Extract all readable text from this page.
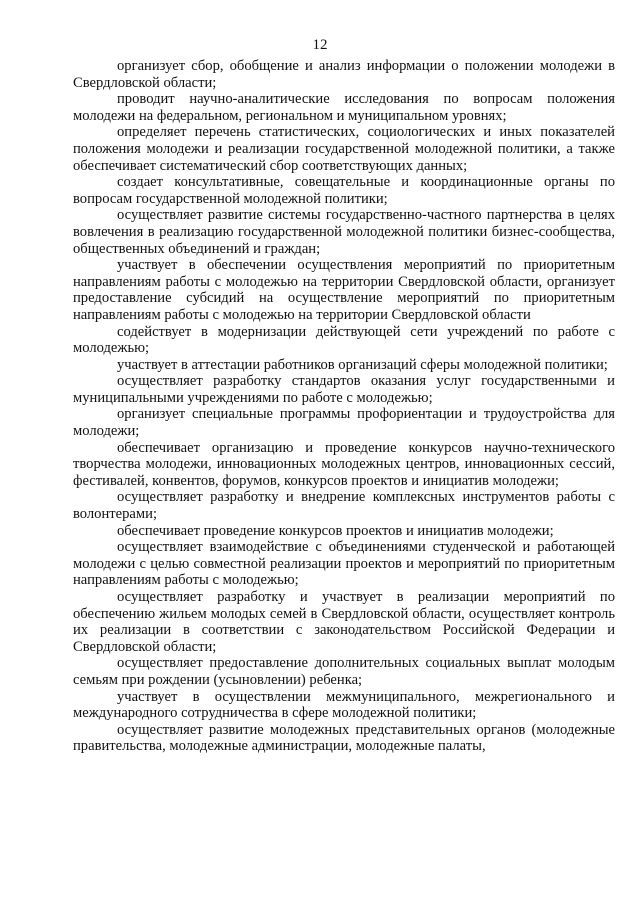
12

организует сбор, обобщение и анализ информации о положении молодежи в Свердловской области;

проводит научно-аналитические исследования по вопросам положения молодежи на федеральном, региональном и муниципальном уровнях;

определяет перечень статистических, социологических и иных показателей положения молодежи и реализации государственной молодежной политики, а также обеспечивает систематический сбор соответствующих данных;

создает консультативные, совещательные и координационные органы по вопросам государственной молодежной политики;

осуществляет развитие системы государственно-частного партнерства в целях вовлечения в реализацию государственной молодежной политики бизнес-сообщества, общественных объединений и граждан;

участвует в обеспечении осуществления мероприятий по приоритетным направлениям работы с молодежью на территории Свердловской области, организует предоставление субсидий на осуществление мероприятий по приоритетным направлениям работы с молодежью на территории Свердловской области

содействует в модернизации действующей сети учреждений по работе с молодежью;

участвует в аттестации работников организаций сферы молодежной политики;

осуществляет разработку стандартов оказания услуг государственными и муниципальными учреждениями по работе с молодежью;

организует специальные программы профориентации и трудоустройства для молодежи;

обеспечивает организацию и проведение конкурсов научно-технического творчества молодежи, инновационных молодежных центров, инновационных сессий, фестивалей, конвентов, форумов, конкурсов проектов и инициатив молодежи;

осуществляет разработку и внедрение комплексных инструментов работы с волонтерами;

обеспечивает проведение конкурсов проектов и инициатив молодежи;

осуществляет взаимодействие с объединениями студенческой и работающей молодежи с целью совместной реализации проектов и мероприятий по приоритетным направлениям работы с молодежью;

осуществляет разработку и участвует в реализации мероприятий по обеспечению жильем молодых семей в Свердловской области, осуществляет контроль их реализации в соответствии с законодательством Российской Федерации и Свердловской области;

осуществляет предоставление дополнительных социальных выплат молодым семьям при рождении (усыновлении) ребенка;

участвует в осуществлении межмуниципального, межрегионального и международного сотрудничества в сфере молодежной политики;

осуществляет развитие молодежных представительных органов (молодежные правительства, молодежные администрации, молодежные палаты,
